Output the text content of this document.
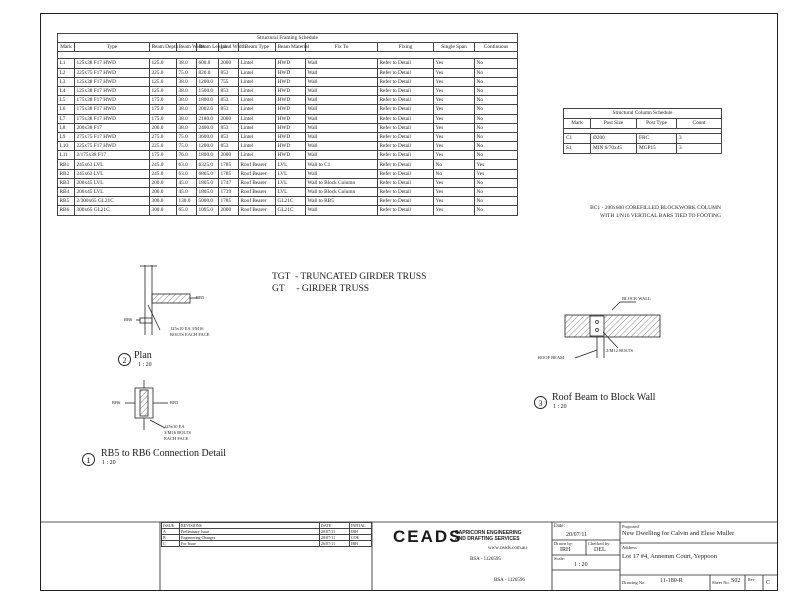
Structural Framing Schedule											
Mark	Type	Beam Depth	Beam Width	Beam Length	Load Width	Beam Type	Beam Material	Fix To	Fixing	Single Span	Continuous

L1	125x38 F17 HWD	125.0	38.0	600.0	2000	Lintel	HWD	Wall	Refer to Detail	Yes	No
L2	225x75 F17 HWD	225.0	75.0	820.0	853	Lintel	HWD	Wall	Refer to Detail	Yes	No
L3	125x38 F17 HWD	125.0	38.0	1200.0	755	Lintel	HWD	Wall	Refer to Detail	Yes	No
L4	125x38 F17 HWD	125.0	38.0	1500.0	853	Lintel	HWD	Wall	Refer to Detail	Yes	No
L5	175x38 F17 HWD	175.0	38.0	1800.0	853	Lintel	HWD	Wall	Refer to Detail	Yes	No
L6	175x38 F17 HWD	175.0	38.0	2002.0	853	Lintel	HWD	Wall	Refer to Detail	Yes	No
L7	175x38 F17 HWD	175.0	38.0	2180.0	2000	Lintel	HWD	Wall	Refer to Detail	Yes	No
L8	200x38 F17	200.0	38.0	2400.0	853	Lintel	HWD	Wall	Refer to Detail	Yes	No
L9	275x75 F17 HWD	275.0	75.0	3600.0	853	Lintel	HWD	Wall	Refer to Detail	Yes	No
L10	225x75 F17 HWD	225.0	75.0	1200.0	853	Lintel	HWD	Wall	Refer to Detail	Yes	No
L11	2/175x38 F17	175.0	76.0	1800.0	2000	Lintel	HWD	Wall	Refer to Detail	Yes	No
RB1	245x63 LVL	245.0	63.0	6325.0	1785	Roof Bearer	LVL	Wall to C1	Refer to Detail	No	Yes
RB2	245x63 LVL	245.0	63.0	6865.0	1785	Roof Bearer	LVL	Wall	Refer to Detail	No	Yes
RB3	200x45 LVL	200.0	45.0	1805.0	1747	Roof Bearer	LVL	Wall to Block Column	Refer to Detail	Yes	No
RB4	200x45 LVL	200.0	45.0	1805.0	1739	Roof Bearer	LVL	Wall to Block Column	Refer to Detail	Yes	No
RB5	2/300x65 GL21C	300.0	130.0	5000.0	1785	Roof Bearer	GL21C	Wall to RB5	Refer to Detail	Yes	No
RB6	300x65 GL21C	300.0	65.0	1095.0	2000	Roof Bearer	GL21C	Wall	Refer to Detail	Yes	No
Structural Column Schedule			
Mark	Post Size	Post Type	Count

C1	Ø200	FRC	3
S1	MIN 6/70x45	MGP15	3
BC1 - 200x600 COREFILLED BLOCKWORK COLUMN
WITH 1/N16 VERTICAL BARS TIED TO FOOTING
TGT  - TRUNCATED GIRDER TRUSS
GT     - GIRDER TRUSS
RB5
RB6
125x10 EA 3/M16
BOLTS EACH FACE
2 Plan
1 : 20
RB5
RB6
125x10 EA
3/M16 BOLTS
EACH FACE
1
RB5 to RB6 Connection Detail
1 : 20
BLOCK WALL
ROOF BEAM
2/M12 BOLTS
3
Roof Beam to Block Wall
1 : 20
ISSUE	REVISIONS	DATE	INITIAL
A	Preliminary Issue	20/07/11	IRH
B	Engineering Changes	20/07/11	COE
C	For Issue	26/07/11	IRH CEADS
CAPRICORN ENGINEERING
AND DRAFTING SERVICES
www.ceads.com.au
BSA - 1126595
BSA - 1126596
Date:
20/07/11
Drawn by:
IRH
Checked by:
DEL
Scale:
1 : 20
Proposed
New Dwelling for Calvin and Elese Muller
Address
Lot 17 #4, Annemm Court, Yeppoon
Drawing No. 11-180-R	Sheet No. S02 Rev
C
